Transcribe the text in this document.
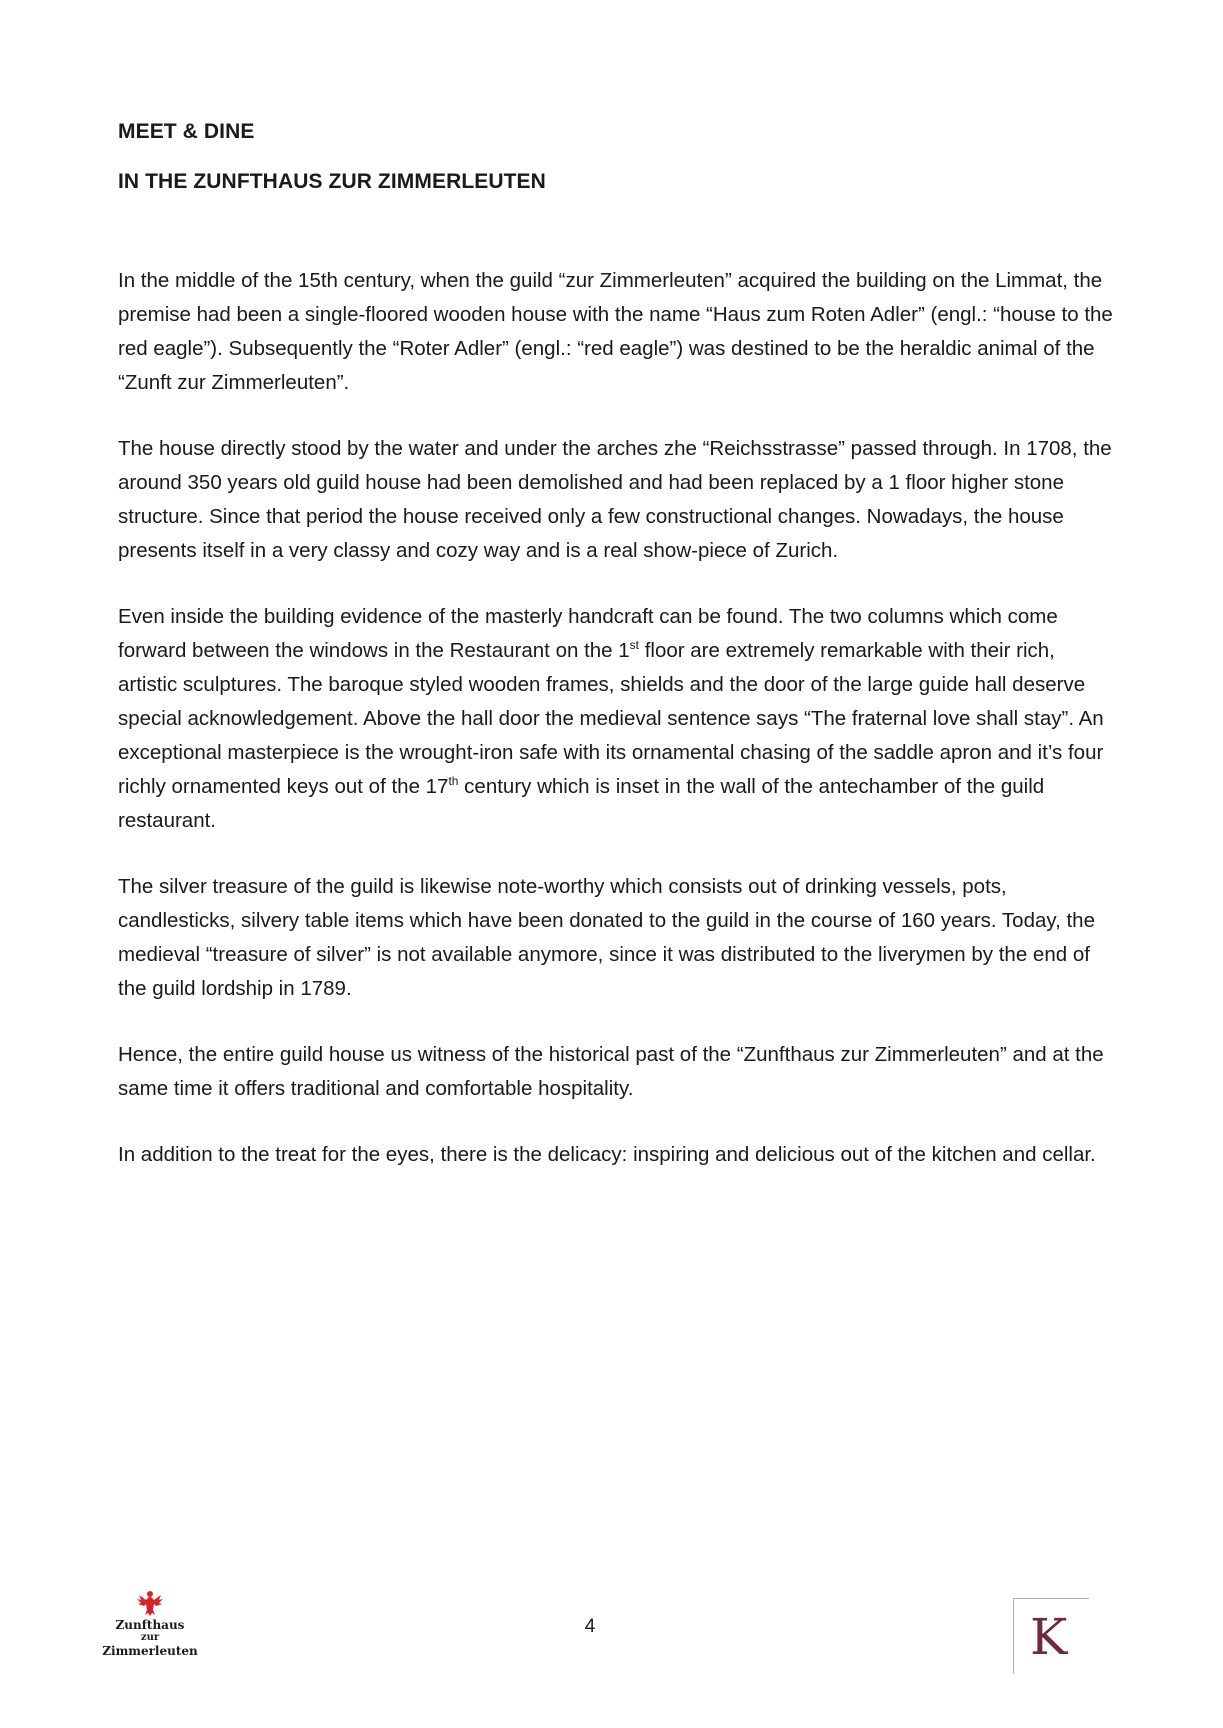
MEET & DINE

IN THE ZUNFTHAUS ZUR ZIMMERLEUTEN

In the middle of the 15th century, when the guild “zur Zimmerleuten” acquired the building on the Limmat, the premise had been a single-floored wooden house with the name “Haus zum Roten Adler” (engl.: “house to the red eagle”). Subsequently the “Roter Adler” (engl.: “red eagle”) was destined to be the heraldic animal of the “Zunft zur Zimmerleuten”.

The house directly stood by the water and under the arches zhe “Reichsstrasse” passed through. In 1708, the around 350 years old guild house had been demolished and had been replaced by a 1 floor higher stone structure. Since that period the house received only a few constructional changes. Nowadays, the house presents itself in a very classy and cozy way and is a real show-piece of Zurich.

Even inside the building evidence of the masterly handcraft can be found. The two columns which come forward between the windows in the Restaurant on the 1st floor are extremely remarkable with their rich, artistic sculptures. The baroque styled wooden frames, shields and the door of the large guide hall deserve special acknowledgement. Above the hall door the medieval sentence says “The fraternal love shall stay”. An exceptional masterpiece is the wrought-iron safe with its ornamental chasing of the saddle apron and it’s four richly ornamented keys out of the 17th century which is inset in the wall of the antechamber of the guild restaurant.

The silver treasure of the guild is likewise note-worthy which consists out of drinking vessels, pots, candlesticks, silvery table items which have been donated to the guild in the course of 160 years. Today, the medieval “treasure of silver” is not available anymore, since it was distributed to the liverymen by the end of the guild lordship in 1789.

Hence, the entire guild house us witness of the historical past of the “Zunfthaus zur Zimmerleuten” and at the same time it offers traditional and comfortable hospitality.

In addition to the treat for the eyes, there is the delicacy: inspiring and delicious out of the kitchen and cellar.

Zunfthaus
zur
Zimmerleuten
4	K
